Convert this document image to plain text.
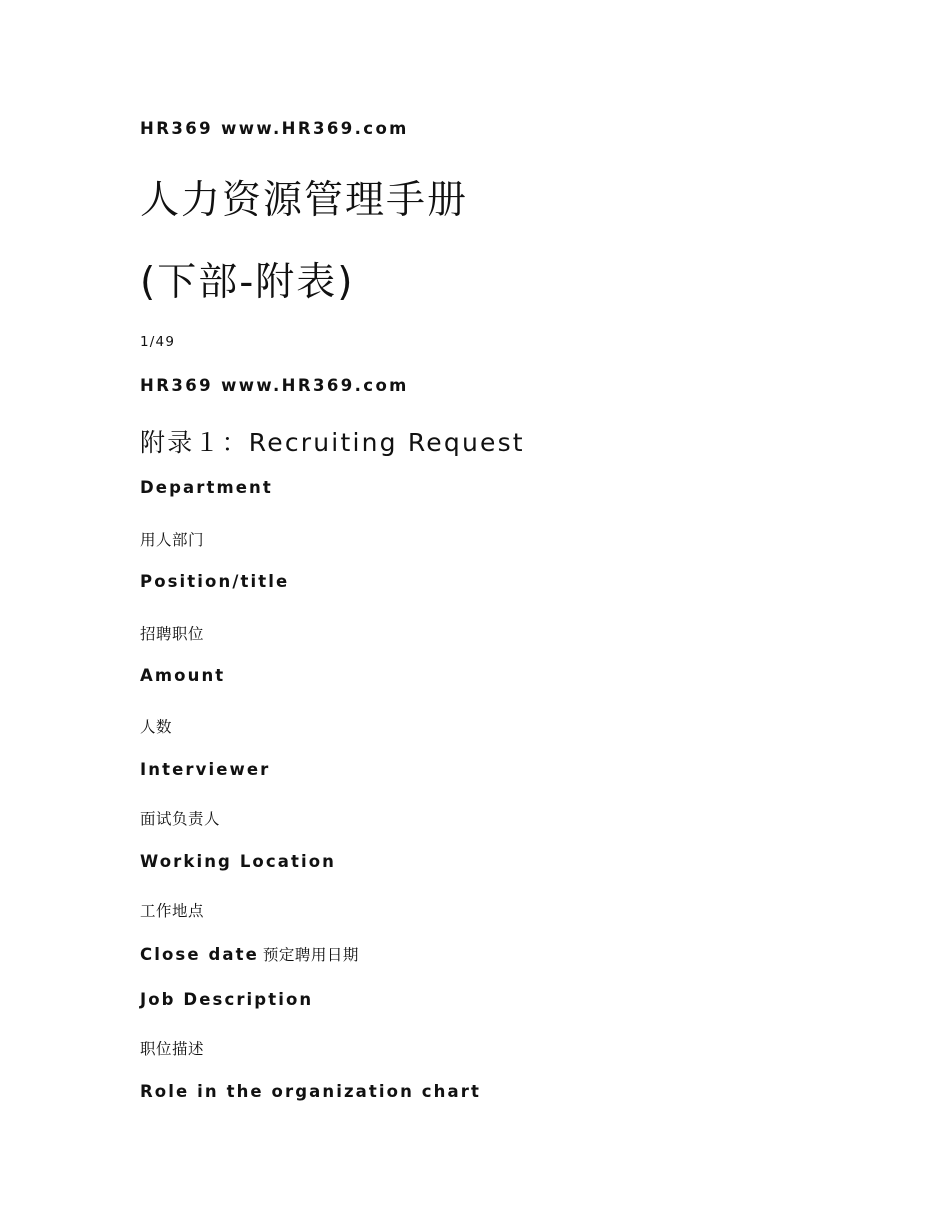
HR369 www.HR369.com
人力资源管理手册
(下部-附表)
1/49
HR369 www.HR369.com
附录１：Recruiting Request
Department
用人部门
Position/title
招聘职位
Amount
人数
Interviewer
面试负责人
Working Location
工作地点
Close date 预定聘用日期
Job Description
职位描述
Role in the organization chart
